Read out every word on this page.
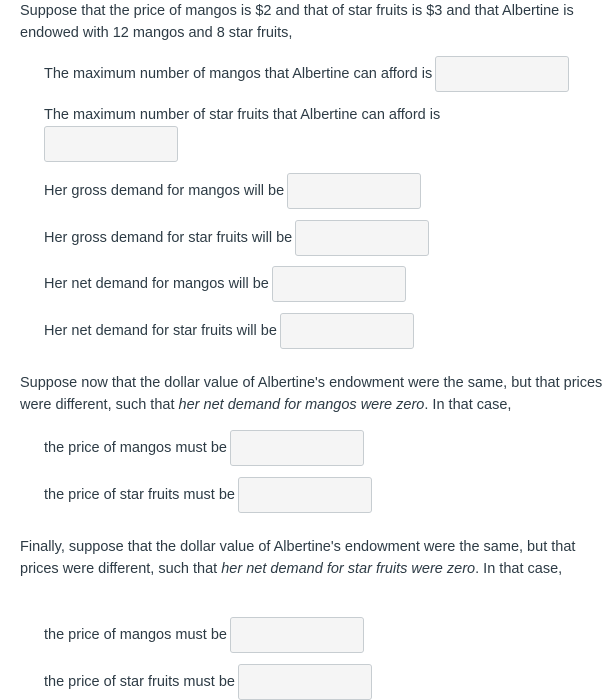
Suppose that the price of mangos is $2 and that of star fruits is $3 and that Albertine is endowed with 12 mangos and 8 star fruits,

The maximum number of mangos that Albertine can afford is

The maximum number of star fruits that Albertine can afford is

Her gross demand for mangos will be
Her gross demand for star fruits will be
Her net demand for mangos will be
Her net demand for star fruits will be

Suppose now that the dollar value of Albertine's endowment were the same, but that prices were different, such that her net demand for mangos were zero. In that case,

the price of mangos must be
the price of star fruits must be

Finally, suppose that the dollar value of Albertine's endowment were the same, but that prices were different, such that her net demand for star fruits were zero. In that case,

the price of mangos must be
the price of star fruits must be
